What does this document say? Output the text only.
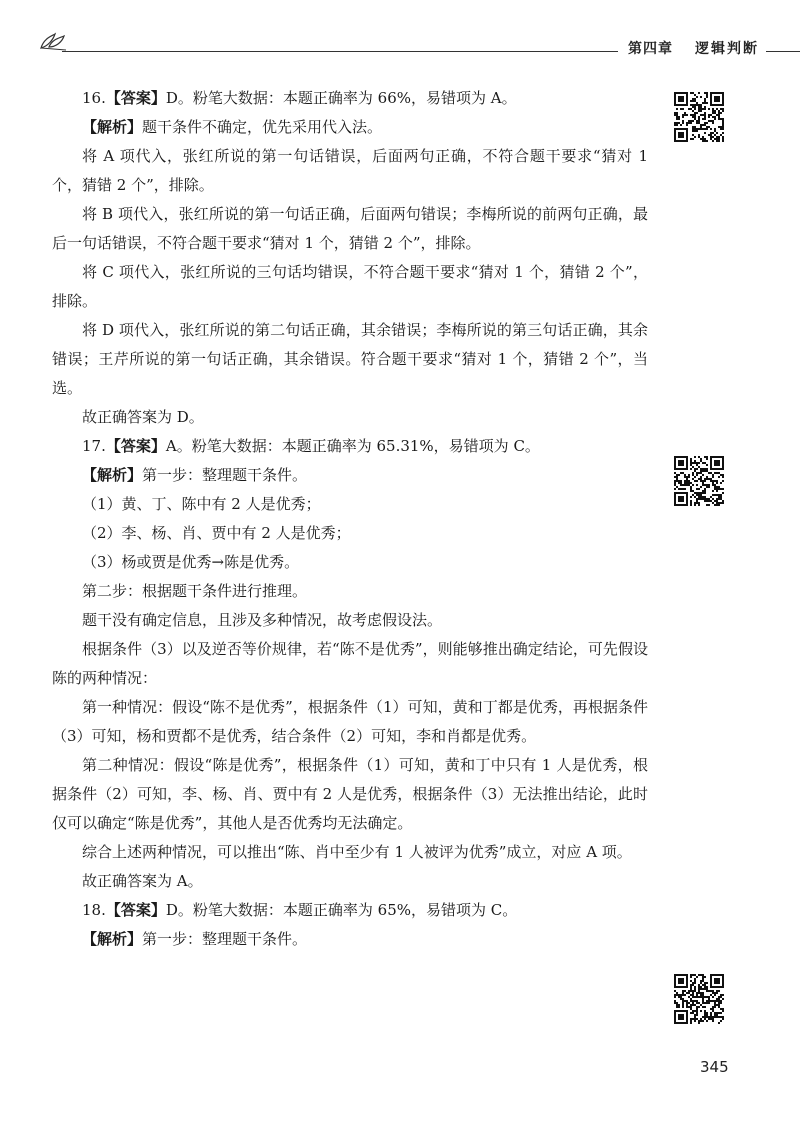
第四章 逻辑判断

16.【答案】D。粉笔大数据：本题正确率为 66%，易错项为 A。

【解析】题干条件不确定，优先采用代入法。

将 A 项代入，张红所说的第一句话错误，后面两句正确，不符合题干要求“猜对 1 个，猜错 2 个”，排除。

将 B 项代入，张红所说的第一句话正确，后面两句错误；李梅所说的前两句正确，最后一句话错误，不符合题干要求“猜对 1 个，猜错 2 个”，排除。

将 C 项代入，张红所说的三句话均错误，不符合题干要求“猜对 1 个，猜错 2 个”，排除。

将 D 项代入，张红所说的第二句话正确，其余错误；李梅所说的第三句话正确，其余错误；王芹所说的第一句话正确，其余错误。符合题干要求“猜对 1 个，猜错 2 个”，当选。

故正确答案为 D。

17.【答案】A。粉笔大数据：本题正确率为 65.31%，易错项为 C。

【解析】第一步：整理题干条件。

（1）黄、丁、陈中有 2 人是优秀；

（2）李、杨、肖、贾中有 2 人是优秀；

（3）杨或贾是优秀→陈是优秀。

第二步：根据题干条件进行推理。

题干没有确定信息，且涉及多种情况，故考虑假设法。

根据条件（3）以及逆否等价规律，若“陈不是优秀”，则能够推出确定结论，可先假设陈的两种情况：

第一种情况：假设“陈不是优秀”，根据条件（1）可知，黄和丁都是优秀，再根据条件（3）可知，杨和贾都不是优秀，结合条件（2）可知，李和肖都是优秀。

第二种情况：假设“陈是优秀”，根据条件（1）可知，黄和丁中只有 1 人是优秀，根据条件（2）可知，李、杨、肖、贾中有 2 人是优秀，根据条件（3）无法推出结论，此时仅可以确定“陈是优秀”，其他人是否优秀均无法确定。

综合上述两种情况，可以推出“陈、肖中至少有 1 人被评为优秀”成立，对应 A 项。

故正确答案为 A。

18.【答案】D。粉笔大数据：本题正确率为 65%，易错项为 C。

【解析】第一步：整理题干条件。

345
